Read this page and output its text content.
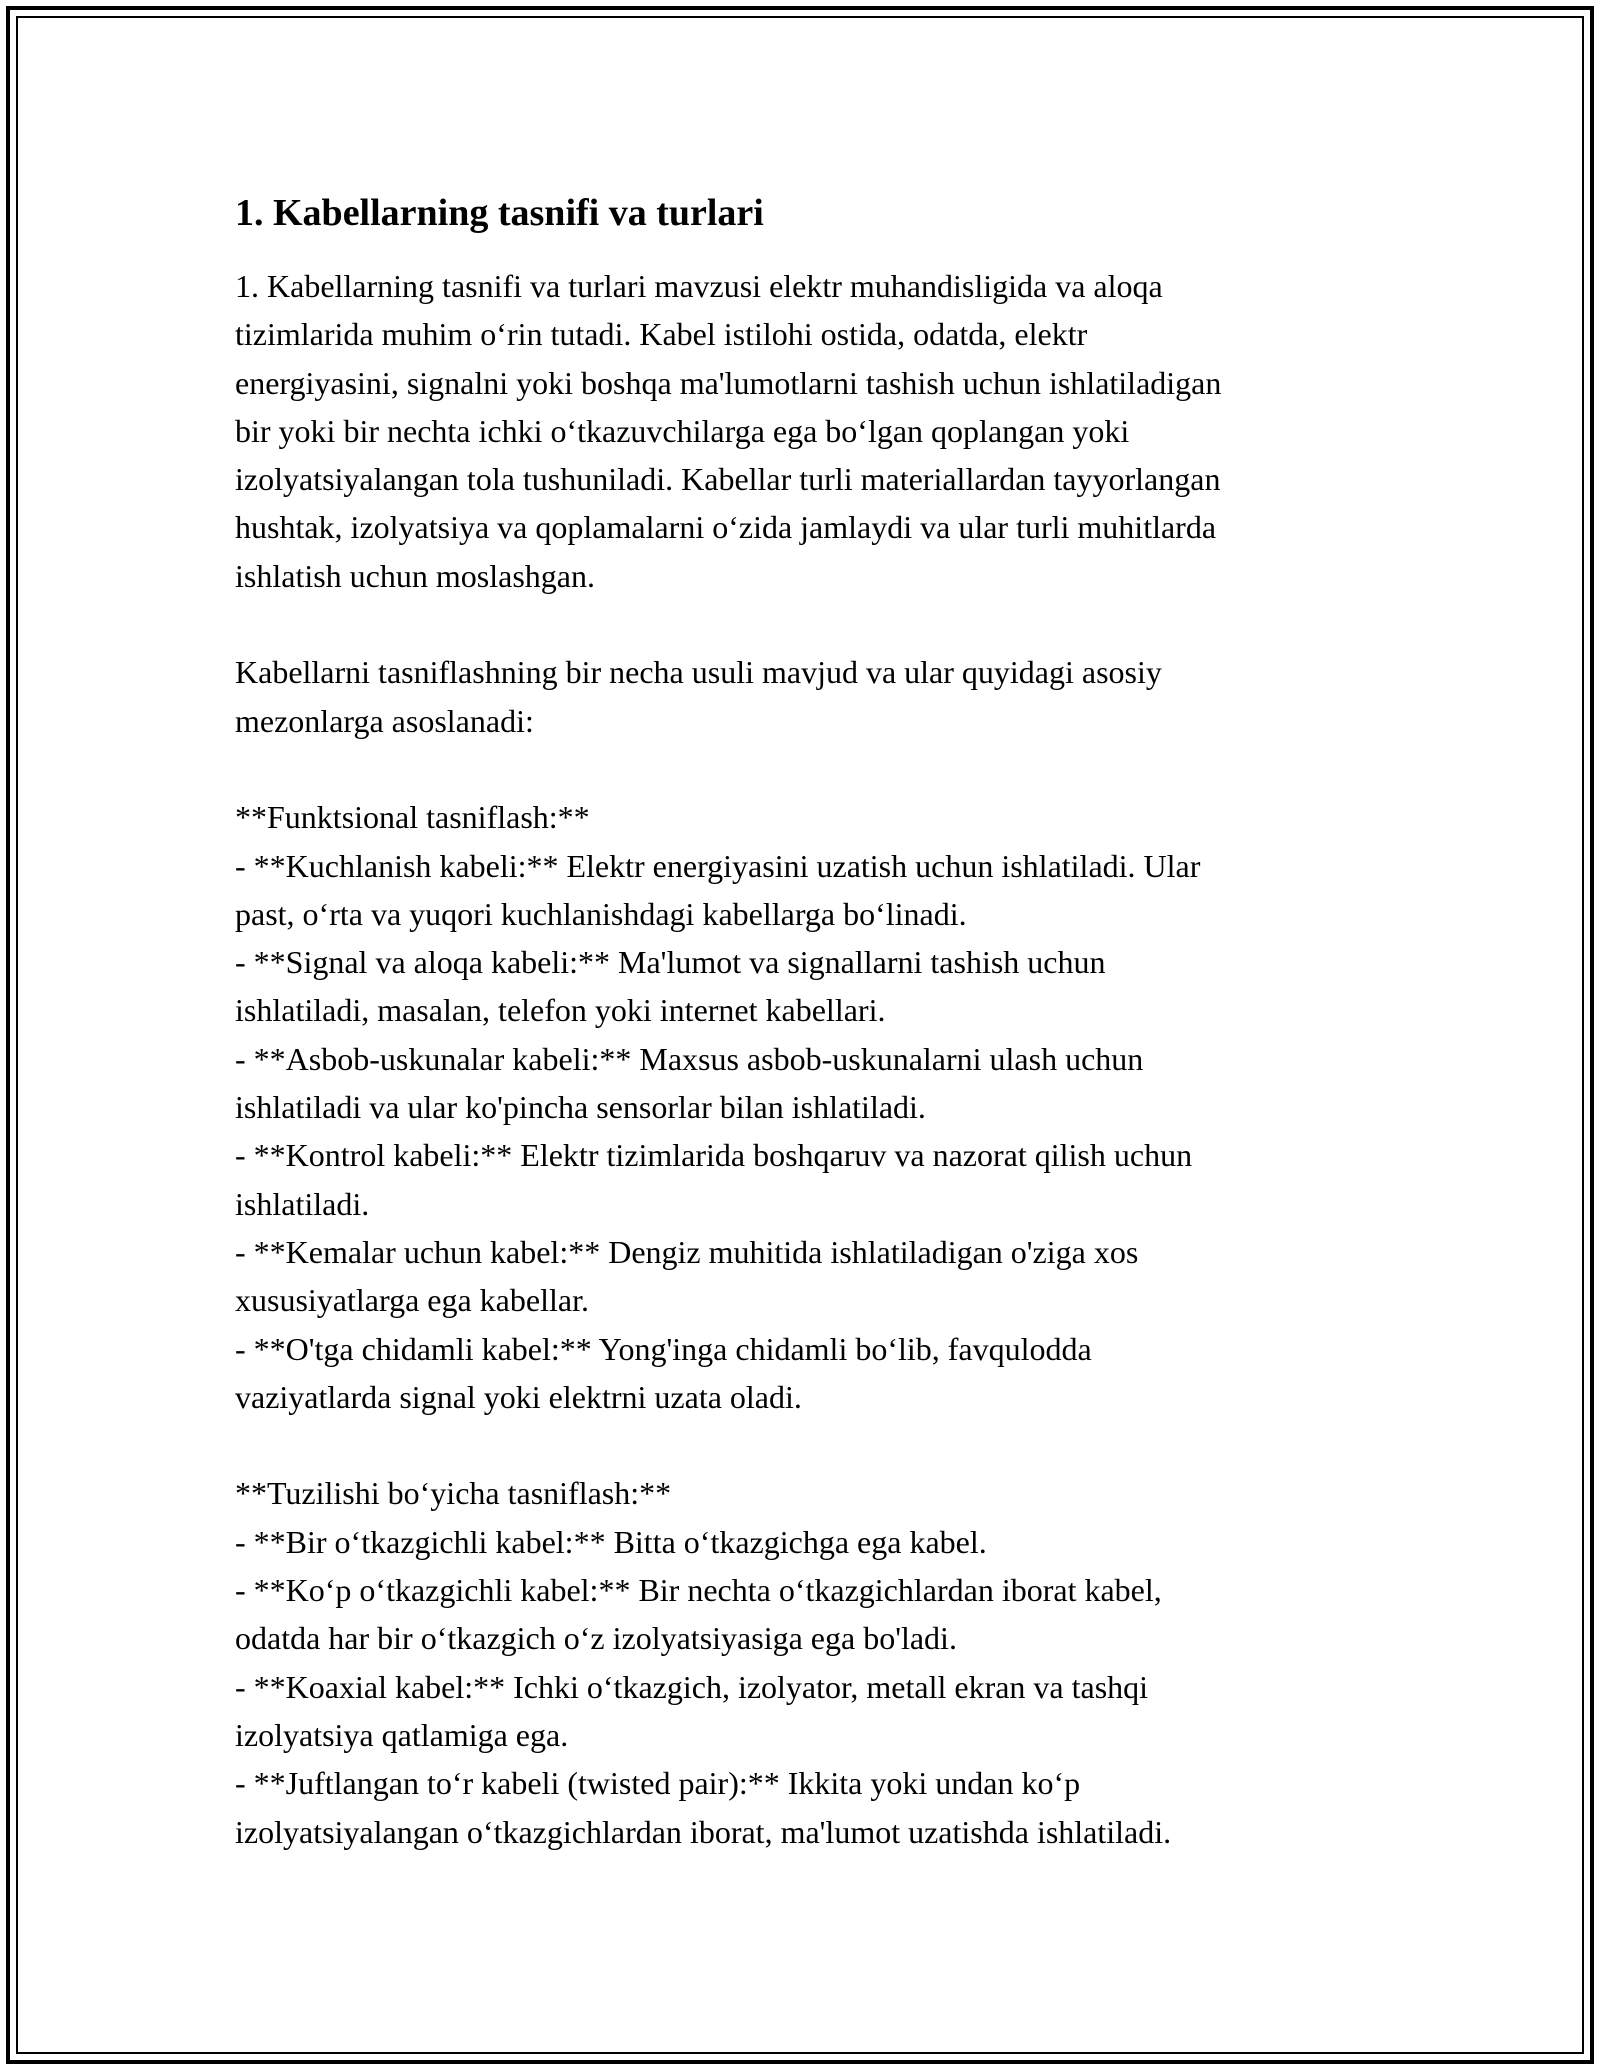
1. Kabellarning tasnifi va turlari
1. Kabellarning tasnifi va turlari mavzusi elektr muhandisligida va aloqa
tizimlarida muhim o‘rin tutadi. Kabel istilohi ostida, odatda, elektr
energiyasini, signalni yoki boshqa ma'lumotlarni tashish uchun ishlatiladigan
bir yoki bir nechta ichki o‘tkazuvchilarga ega bo‘lgan qoplangan yoki
izolyatsiyalangan tola tushuniladi. Kabellar turli materiallardan tayyorlangan
hushtak, izolyatsiya va qoplamalarni o‘zida jamlaydi va ular turli muhitlarda
ishlatish uchun moslashgan.
Kabellarni tasniflashning bir necha usuli mavjud va ular quyidagi asosiy
mezonlarga asoslanadi:
**Funktsional tasniflash:**
- **Kuchlanish kabeli:** Elektr energiyasini uzatish uchun ishlatiladi. Ular
past, o‘rta va yuqori kuchlanishdagi kabellarga bo‘linadi.
- **Signal va aloqa kabeli:** Ma'lumot va signallarni tashish uchun
ishlatiladi, masalan, telefon yoki internet kabellari.
- **Asbob-uskunalar kabeli:** Maxsus asbob-uskunalarni ulash uchun
ishlatiladi va ular ko'pincha sensorlar bilan ishlatiladi.
- **Kontrol kabeli:** Elektr tizimlarida boshqaruv va nazorat qilish uchun
ishlatiladi.
- **Kemalar uchun kabel:** Dengiz muhitida ishlatiladigan o'ziga xos
xususiyatlarga ega kabellar.
- **O'tga chidamli kabel:** Yong'inga chidamli bo‘lib, favqulodda
vaziyatlarda signal yoki elektrni uzata oladi.
**Tuzilishi bo‘yicha tasniflash:**
- **Bir o‘tkazgichli kabel:** Bitta o‘tkazgichga ega kabel.
- **Ko‘p o‘tkazgichli kabel:** Bir nechta o‘tkazgichlardan iborat kabel,
odatda har bir o‘tkazgich o‘z izolyatsiyasiga ega bo'ladi.
- **Koaxial kabel:** Ichki o‘tkazgich, izolyator, metall ekran va tashqi
izolyatsiya qatlamiga ega.
- **Juftlangan to‘r kabeli (twisted pair):** Ikkita yoki undan ko‘p
izolyatsiyalangan o‘tkazgichlardan iborat, ma'lumot uzatishda ishlatiladi.
